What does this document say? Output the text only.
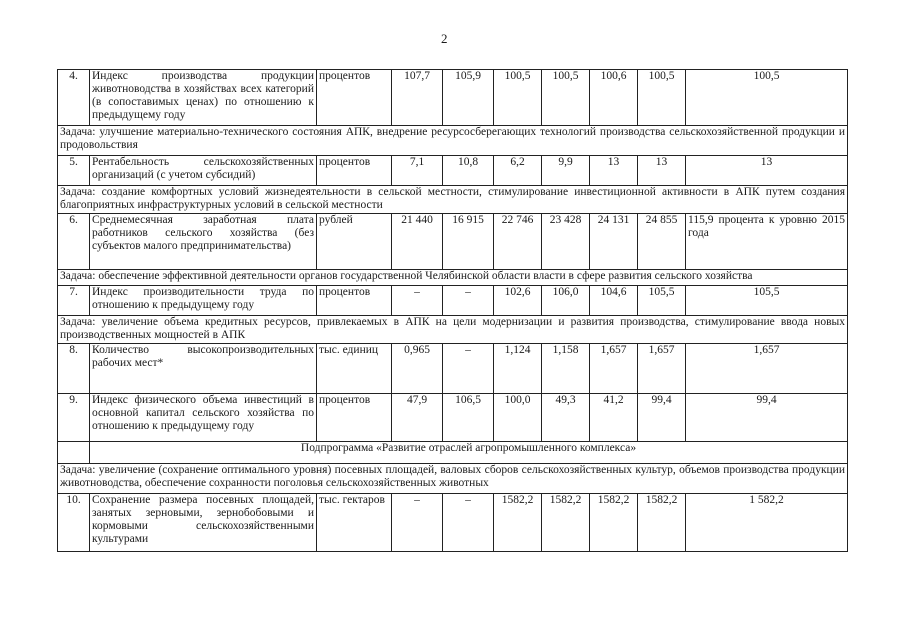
2
4.	Индекс производства продукции животноводства в хозяйствах всех категорий (в сопоставимых ценах) по отношению к предыдущему году	процентов	107,7	105,9	100,5	100,5	100,6	100,5	100,5
Задача: улучшение материально-технического состояния АПК, внедрение ресурсосберегающих технологий производства сельскохозяйственной продукции и продовольствия									
5.	Рентабельность сельскохозяйственных организаций (с учетом субсидий)	процентов	7,1	10,8	6,2	9,9	13	13	13
Задача: создание комфортных условий жизнедеятельности в сельской местности, стимулирование инвестиционной активности в АПК путем создания благоприятных инфраструктурных условий в сельской местности									
6.	Среднемесячная заработная плата работников сельского хозяйства (без субъектов малого предпринимательства)	рублей	21 440	16 915	22 746	23 428	24 131	24 855	115,9 процента к уровню 2015 года
Задача: обеспечение эффективной деятельности органов государственной Челябинской области власти в сфере развития сельского хозяйства									
7.	Индекс производительности труда по отношению к предыдущему году	процентов	–	–	102,6	106,0	104,6	105,5	105,5
Задача: увеличение объема кредитных ресурсов, привлекаемых в АПК на цели модернизации и развития производства, стимулирование ввода новых производственных мощностей в АПК									
8.	Количество высокопроизводительных рабочих мест*	тыс. единиц	0,965	–	1,124	1,158	1,657	1,657	1,657
9.	Индекс физического объема инвестиций в основной капитал сельского хозяйства по отношению к предыдущему году	процентов	47,9	106,5	100,0	49,3	41,2	99,4	99,4
	Подпрограмма «Развитие отраслей агропромышленного комплекса»								
Задача: увеличение (сохранение оптимального уровня) посевных площадей, валовых сборов сельскохозяйственных культур, объемов производства продукции животноводства, обеспечение сохранности поголовья сельскохозяйственных животных									
10.	Сохранение размера посевных площадей, занятых зерновыми, зернобобовыми и кормовыми сельскохозяйственными культурами	тыс. гектаров	–	–	1582,2	1582,2	1582,2	1582,2	1 582,2
